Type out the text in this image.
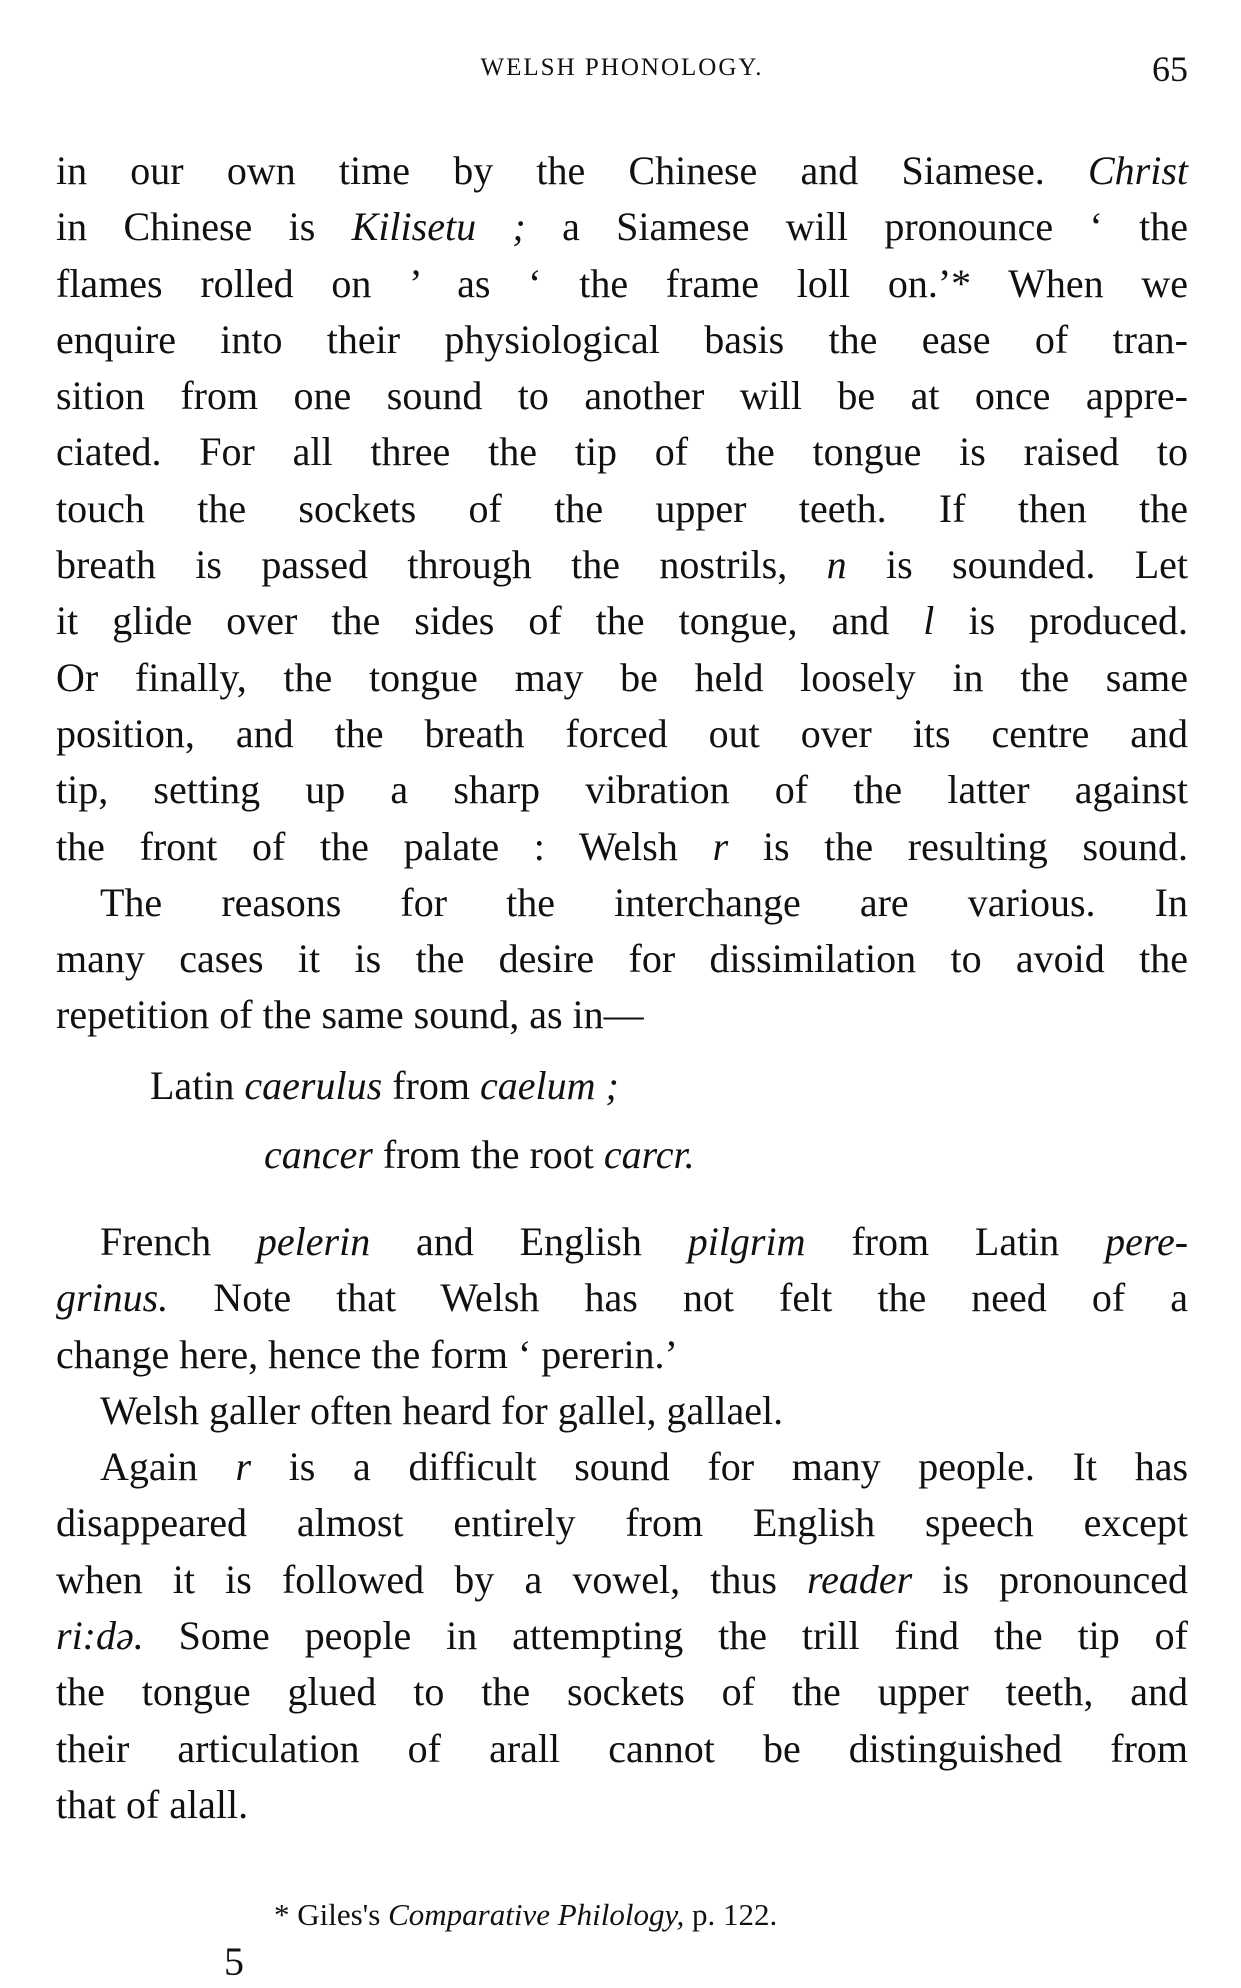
WELSH PHONOLOGY.	65
in our own time by the Chinese and Siamese. Christ
in Chinese is Kilisetu ; a Siamese will pronounce ‘ the
flames rolled on ’ as ‘ the frame loll on.’* When we
enquire into their physiological basis the ease of tran-
sition from one sound to another will be at once appre-
ciated. For all three the tip of the tongue is raised to
touch the sockets of the upper teeth. If then the
breath is passed through the nostrils, n is sounded. Let
it glide over the sides of the tongue, and l is produced.
Or finally, the tongue may be held loosely in the same
position, and the breath forced out over its centre and
tip, setting up a sharp vibration of the latter against
the front of the palate : Welsh r is the resulting sound.
The reasons for the interchange are various. In
many cases it is the desire for dissimilation to avoid the
repetition of the same sound, as in—
Latin caerulus from caelum ;
cancer from the root carcr.
French pelerin and English pilgrim from Latin pere-
grinus. Note that Welsh has not felt the need of a
change here, hence the form ‘ pererin.’
Welsh galler often heard for gallel, gallael.
Again r is a difficult sound for many people. It has
disappeared almost entirely from English speech except
when it is followed by a vowel, thus reader is pronounced
ri:də. Some people in attempting the trill find the tip of
the tongue glued to the sockets of the upper teeth, and
their articulation of arall cannot be distinguished from
that of alall.
* Giles's Comparative Philology, p. 122.
5
